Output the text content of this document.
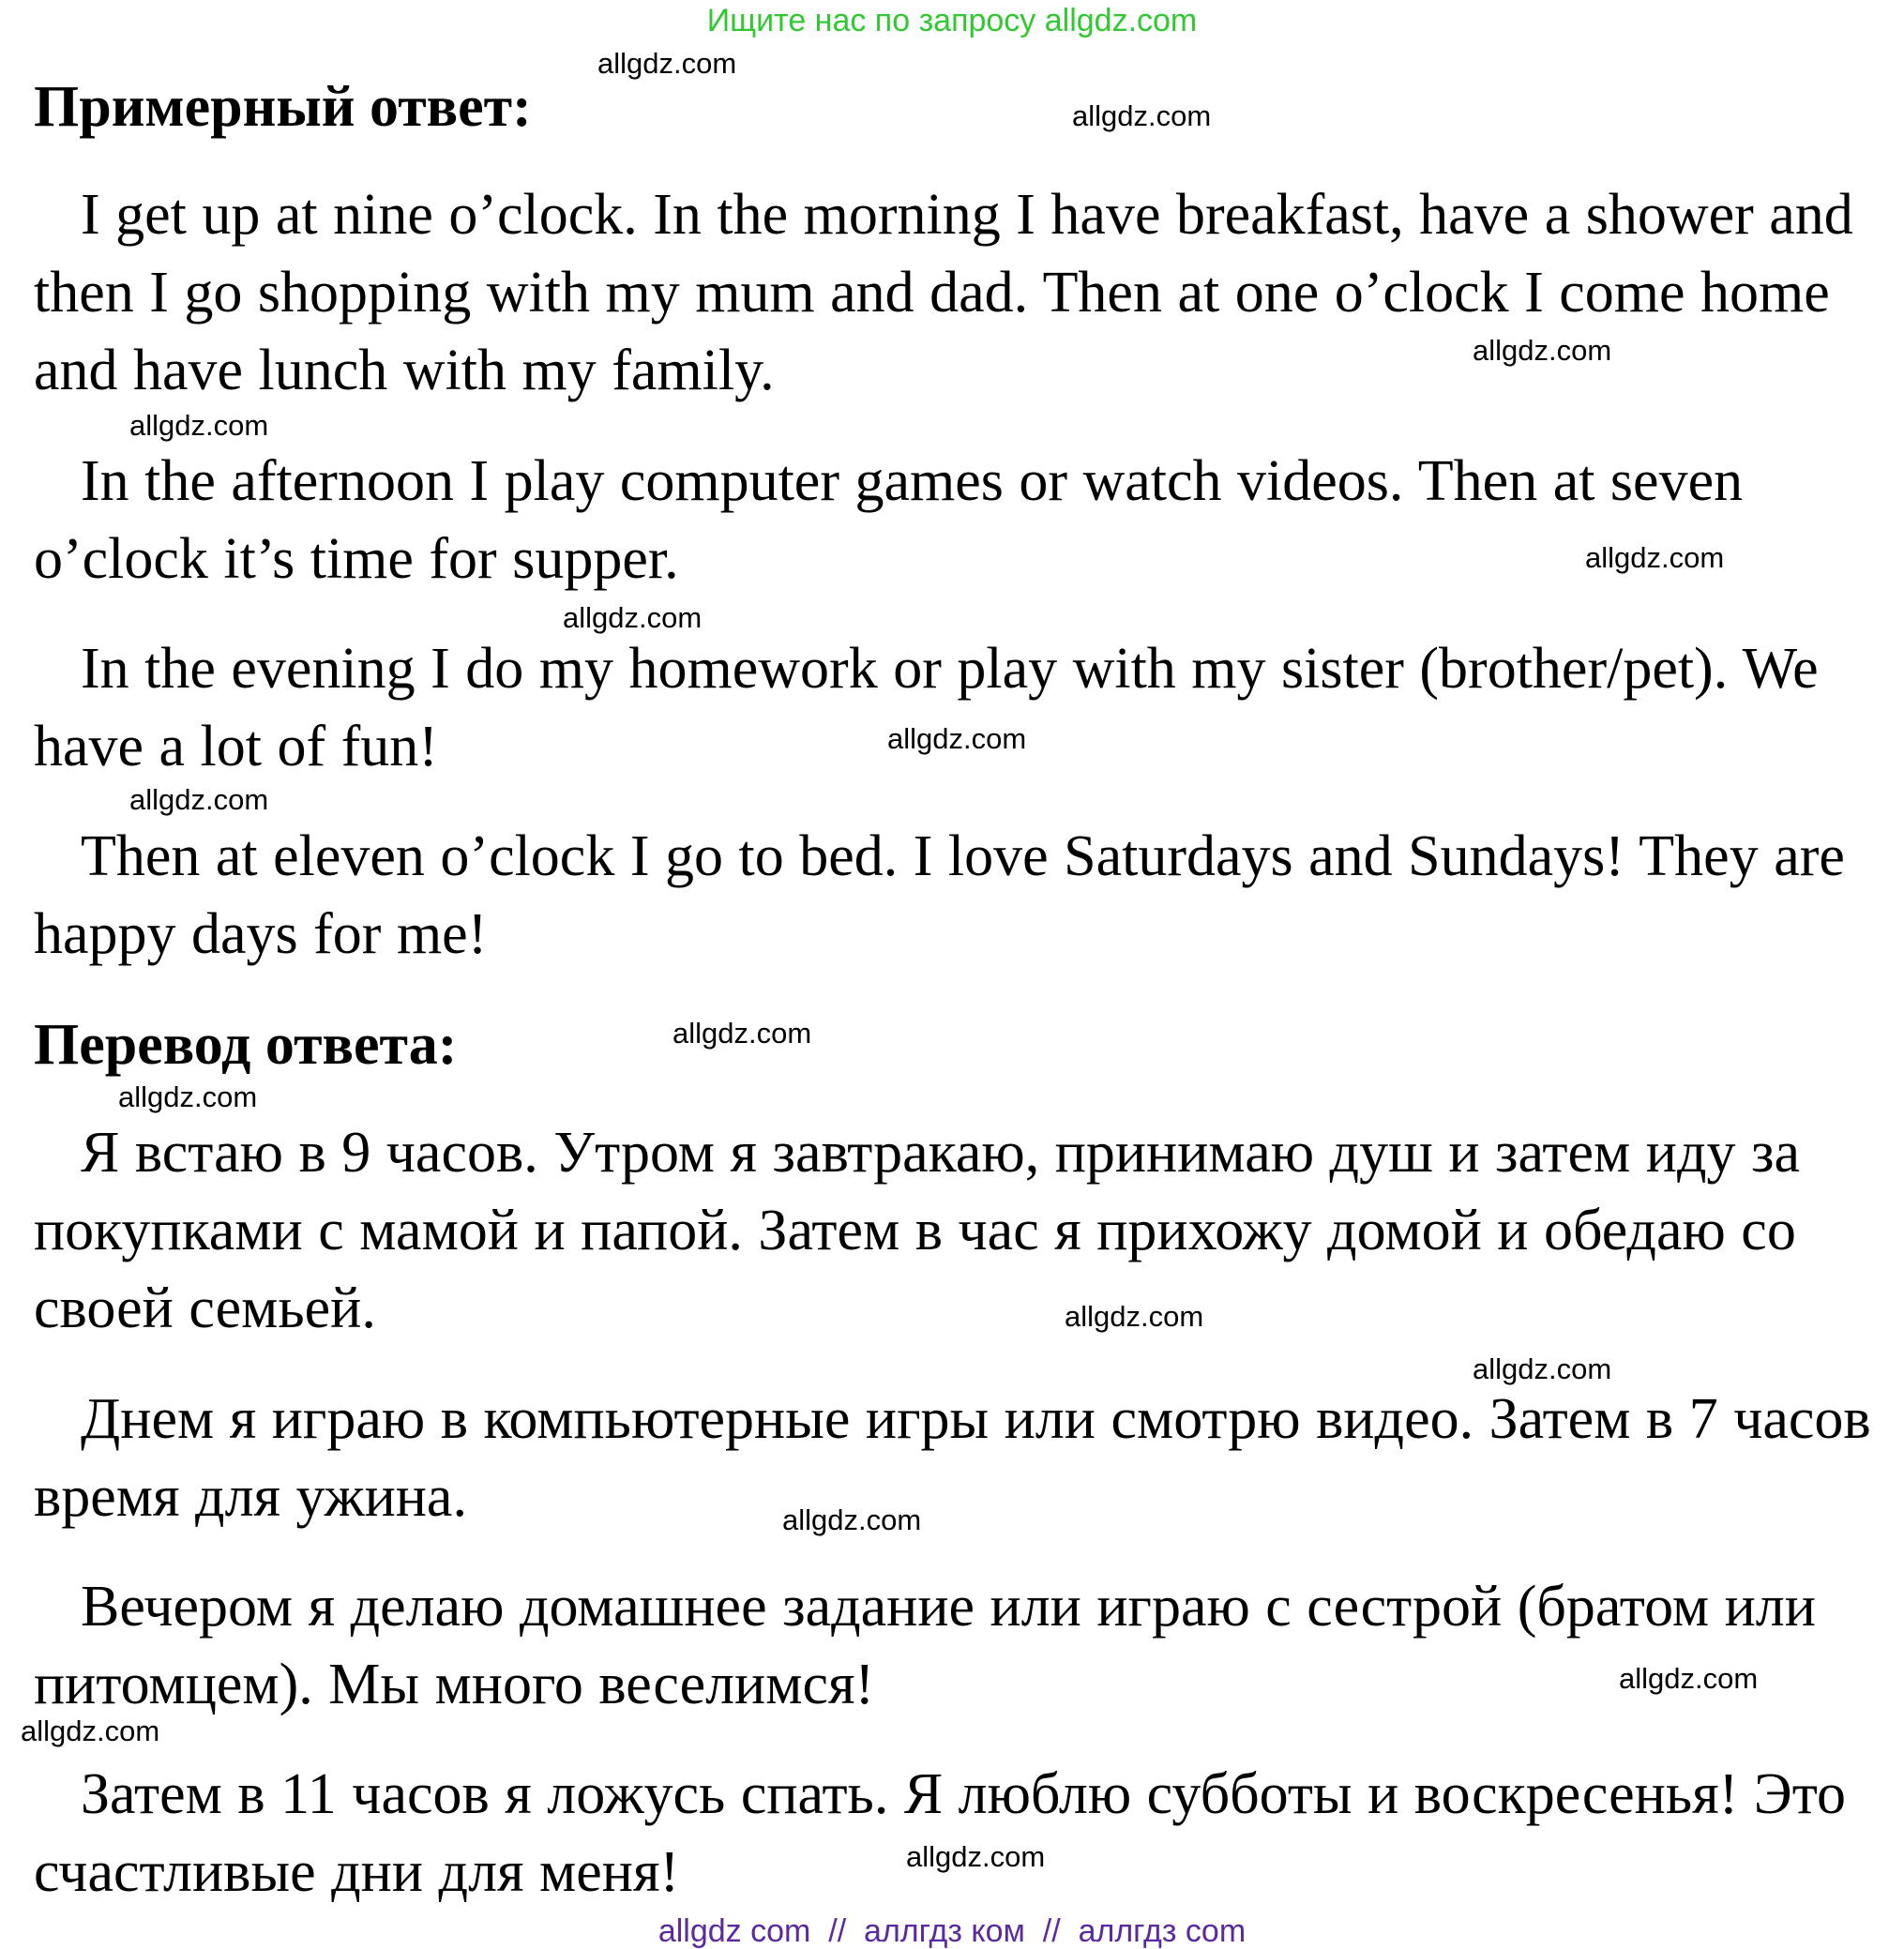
Ищите нас по запросу allgdz.com
Примерный ответ:
I get up at nine o’clock. In the morning I have breakfast, have a shower and then I go shopping with my mum and dad. Then at one o’clock I come home and have lunch with my family.
In the afternoon I play computer games or watch videos. Then at seven o’clock it’s time for supper.
In the evening I do my homework or play with my sister (brother/pet). We have a lot of fun!
Then at eleven o’clock I go to bed. I love Saturdays and Sundays! They are happy days for me!
Перевод ответа:
Я встаю в 9 часов. Утром я завтракаю, принимаю душ и затем иду за покупками с мамой и папой. Затем в час я прихожу домой и обедаю со своей семьей.
Днем я играю в компьютерные игры или смотрю видео. Затем в 7 часов время для ужина.
Вечером я делаю домашнее задание или играю с сестрой (братом или питомцем). Мы много веселимся!
Затем в 11 часов я ложусь спать. Я люблю субботы и воскресенья! Это счастливые дни для меня!
allgdz.com
allgdz.com
allgdz.com
allgdz.com
allgdz.com
allgdz.com
allgdz.com
allgdz.com
allgdz.com
allgdz.com
allgdz.com
allgdz.com
allgdz.com
allgdz.com
allgdz.com
allgdz.com
allgdz com  //  аллгдз ком  //  аллгдз com
